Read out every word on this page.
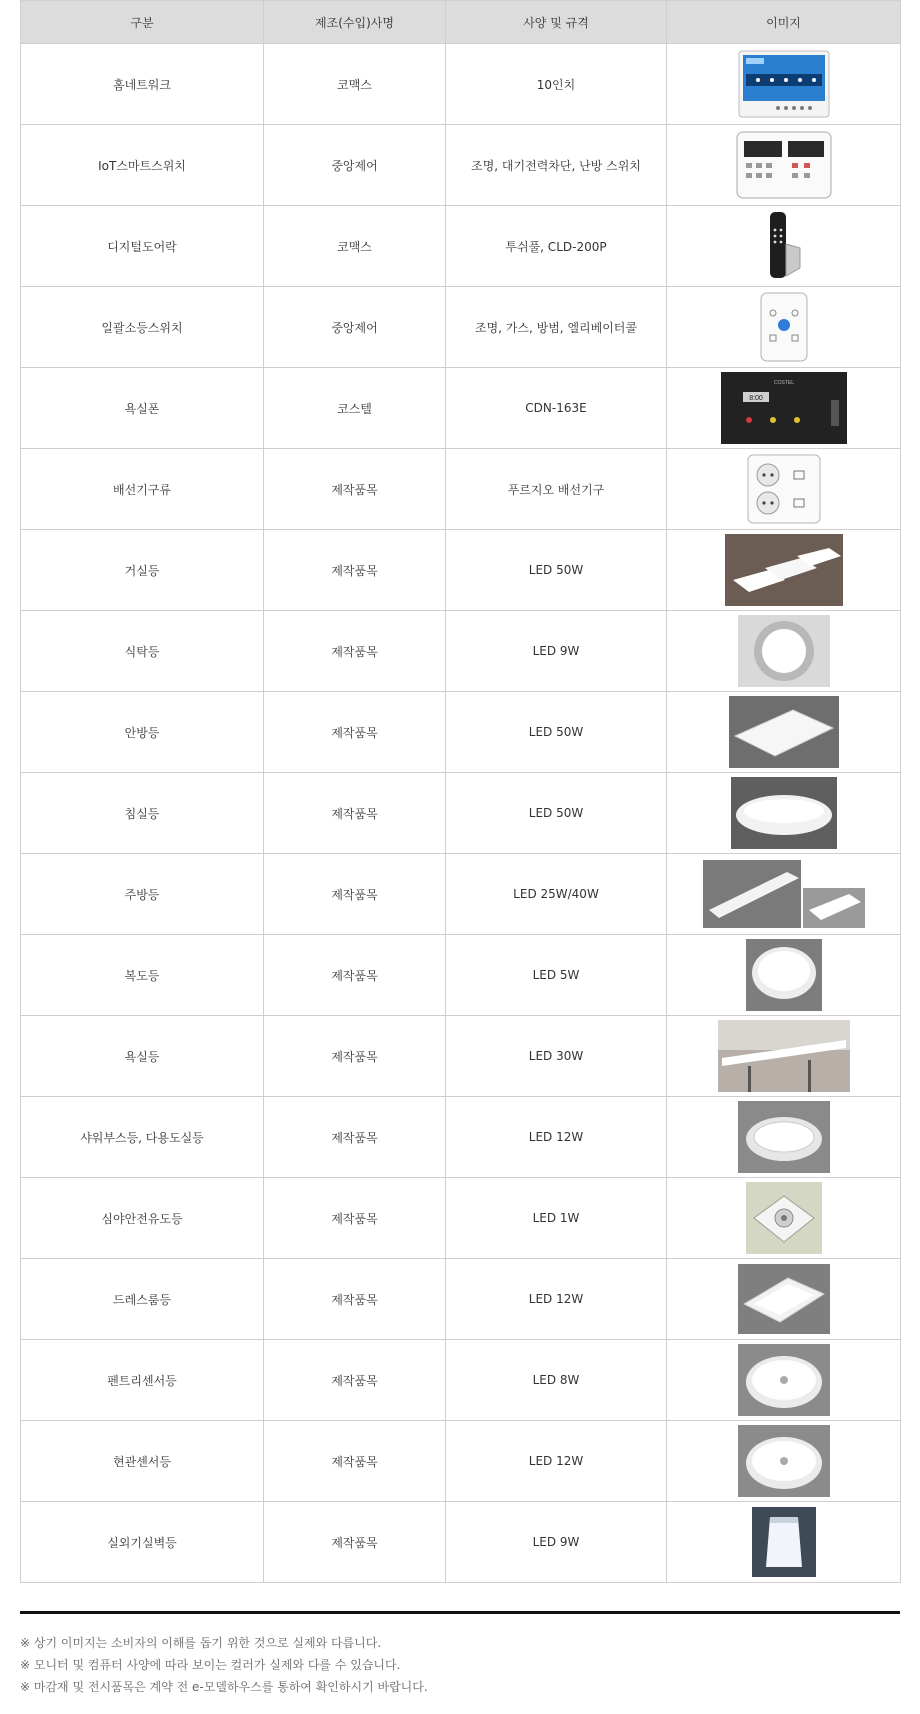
구분	제조(수입)사명	사양 및 규격	이미지
홈네트워크	코맥스	10인치	
IoT스마트스위치	중앙제어	조명, 대기전력차단, 난방 스위치	
디지털도어락	코맥스	투쉬풀, CLD-200P	
일괄소등스위치	중앙제어	조명, 가스, 방범, 엘리베이터콜	
욕실폰	코스텔	CDN-163E	COSTEL
8:00

배선기구류	제작품목	푸르지오 배선기구	
거실등	제작품목	LED 50W	
식탁등	제작품목	LED 9W	
안방등	제작품목	LED 50W	
침실등	제작품목	LED 50W	
주방등	제작품목	LED 25W/40W	
복도등	제작품목	LED 5W	
욕실등	제작품목	LED 30W	
샤워부스등, 다용도실등	제작품목	LED 12W	
심야안전유도등	제작품목	LED 1W	
드레스룸등	제작품목	LED 12W	
펜트리센서등	제작품목	LED 8W	
현관센서등	제작품목	LED 12W	
실외기실벽등	제작품목	LED 9W	
※ 상기 이미지는 소비자의 이해를 돕기 위한 것으로 실제와 다릅니다.
※ 모니터 및 컴퓨터 사양에 따라 보이는 컬러가 실제와 다를 수 있습니다.
※ 마감재 및 전시품목은 계약 전 e-모델하우스를 통하여 확인하시기 바랍니다.
